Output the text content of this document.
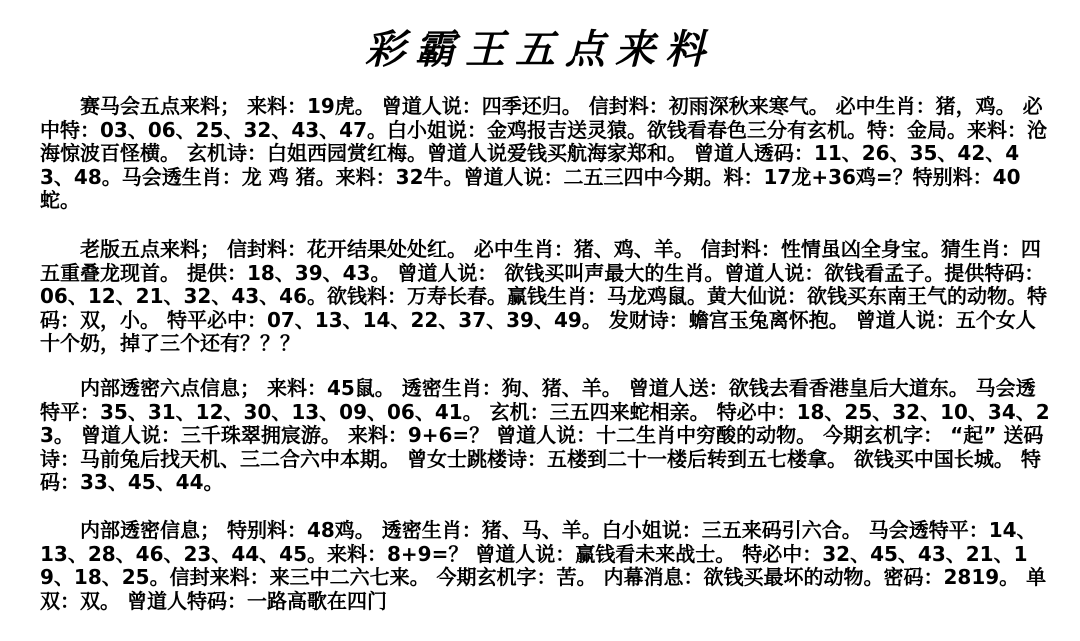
彩霸王五点来料
赛马会五点来料； 来料：19虎。 曾道人说：四季还归。 信封料：初雨深秋来寒气。 必中生肖：猪，鸡。 必中特：03、06、25、32、43、47。白小姐说：金鸡报吉送灵猿。欲钱看春色三分有玄机。特：金局。来料：沧海惊波百怪横。 玄机诗：白姐西园赏红梅。曾道人说爱钱买航海家郑和。 曾道人透码：11、26、35、42、43、48。马会透生肖：龙 鸡 猪。来料：32牛。曾道人说：二五三四中今期。料：17龙+36鸡=？特别料：40蛇。
老版五点来料； 信封料：花开结果处处红。 必中生肖：猪、鸡、羊。 信封料：性情虽凶全身宝。猜生肖：四五重叠龙现首。 提供：18、39、43。 曾道人说： 欲钱买叫声最大的生肖。曾道人说：欲钱看孟子。提供特码：06、12、21、32、43、46。欲钱料：万寿长春。赢钱生肖：马龙鸡鼠。黄大仙说：欲钱买东南王气的动物。特码：双，小。 特平必中：07、13、14、22、37、39、49。 发财诗：蟾宫玉兔离怀抱。 曾道人说：五个女人十个奶，掉了三个还有？？？
内部透密六点信息； 来料：45鼠。 透密生肖：狗、猪、羊。 曾道人送：欲钱去看香港皇后大道东。 马会透特平：35、31、12、30、13、09、06、41。 玄机：三五四来蛇相亲。 特必中：18、25、32、10、34、23。 曾道人说：三千珠翠拥宸游。 来料：9+6=？ 曾道人说：十二生肖中穷酸的动物。 今期玄机字： “起” 送码诗：马前兔后找天机、三二合六中本期。 曾女士跳楼诗：五楼到二十一楼后转到五七楼拿。 欲钱买中国长城。 特码：33、45、44。
内部透密信息； 特别料：48鸡。 透密生肖：猪、马、羊。白小姐说：三五来码引六合。 马会透特平：14、13、28、46、23、44、45。来料：8+9=？ 曾道人说：赢钱看未来战士。 特必中：32、45、43、21、19、18、25。信封来料：来三中二六七来。 今期玄机字：苦。 内幕消息：欲钱买最坏的动物。密码：2819。 单双：双。 曾道人特码：一路高歌在四门
